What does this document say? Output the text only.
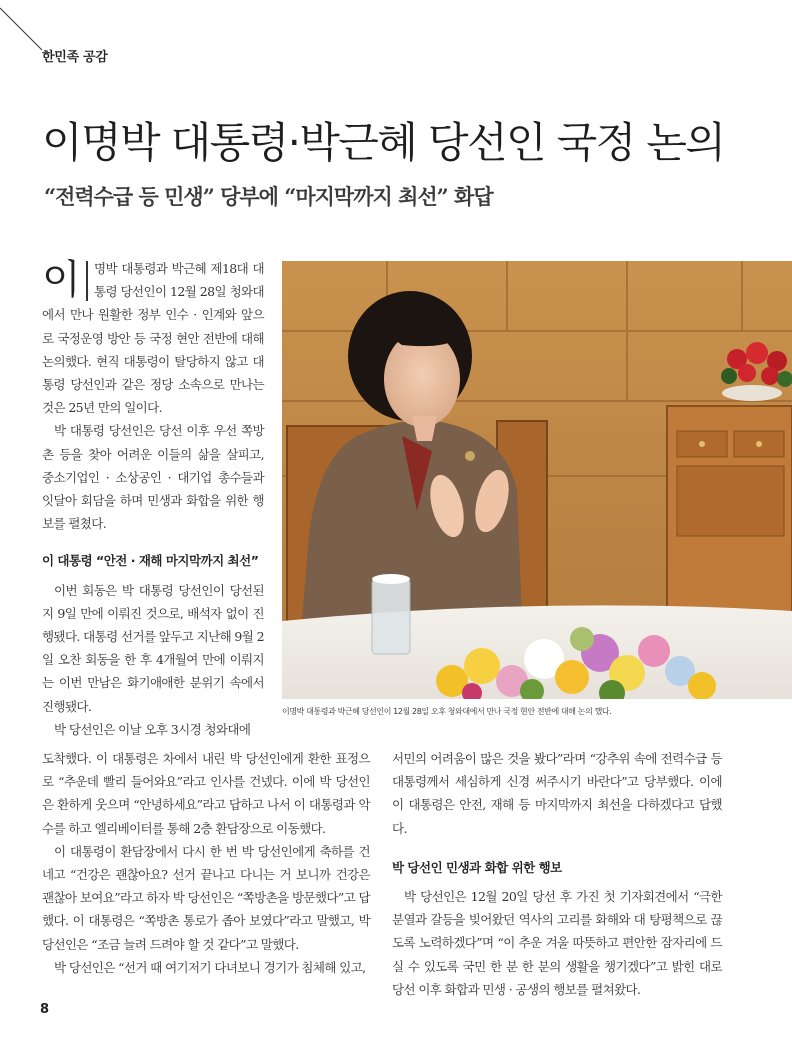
한민족 공감
이명박 대통령·박근혜 당선인 국정 논의
“전력수급 등 민생” 당부에 “마지막까지 최선” 화답

이 명박 대통령과 박근혜 제18대 대통령 당선인이 12월 28일 청와대에서 만나 원활한 정부 인수 · 인계와 앞으로 국정운영 방안 등 국정 현안 전반에 대해 논의했다. 현직 대통령이 탈당하지 않고 대통령 당선인과 같은 정당 소속으로 만나는 것은 25년 만의 일이다.

박 대통령 당선인은 당선 이후 우선 쪽방촌 등을 찾아 어려운 이들의 삶을 살피고, 중소기업인 · 소상공인 · 대기업 총수들과 잇달아 회담을 하며 민생과 화합을 위한 행보를 펼쳤다.

이 대통령 “안전 · 재해 마지막까지 최선”

이번 회동은 박 대통령 당선인이 당선된 지 9일 만에 이뤄진 것으로, 배석자 없이 진행됐다. 대통령 선거를 앞두고 지난해 9월 2일 오찬 회동을 한 후 4개월여 만에 이뤄지는 이번 만남은 화기애애한 분위기 속에서 진행됐다.

박 당선인은 이날 오후 3시경 청와대에

이명박 대통령과 박근혜 당선인이 12월 28일 오후 청와대에서 만나 국정 현안 전반에 대해 논의 했다.

도착했다. 이 대통령은 차에서 내린 박 당선인에게 환한 표정으로 “추운데 빨리 들어와요”라고 인사를 건넸다. 이에 박 당선인은 환하게 웃으며 “안녕하세요”라고 답하고 나서 이 대통령과 악수를 하고 엘리베이터를 통해 2층 환담장으로 이동했다.

이 대통령이 환담장에서 다시 한 번 박 당선인에게 축하를 건네고 “건강은 괜찮아요? 선거 끝나고 다니는 거 보니까 건강은 괜찮아 보여요”라고 하자 박 당선인은 “쪽방촌을 방문했다”고 답했다. 이 대통령은 “쪽방촌 통로가 좁아 보였다”라고 말했고, 박 당선인은 “조금 늘려 드려야 할 것 같다”고 말했다.

박 당선인은 “선거 때 여기저기 다녀보니 경기가 침체해 있고,

서민의 어려움이 많은 것을 봤다”라며 “강추위 속에 전력수급 등 대통령께서 세심하게 신경 써주시기 바란다”고 당부했다. 이에 이 대통령은 안전, 재해 등 마지막까지 최선을 다하겠다고 답했다.

박 당선인 민생과 화합 위한 행보

박 당선인은 12월 20일 당선 후 가진 첫 기자회견에서 “극한 분열과 갈등을 빚어왔던 역사의 고리를 화해와 대 탕평책으로 끊도록 노력하겠다”며 “이 추운 겨울 따뜻하고 편안한 잠자리에 드실 수 있도록 국민 한 분 한 분의 생활을 챙기겠다”고 밝힌 대로 당선 이후 화합과 민생 · 공생의 행보를 펼쳐왔다.

8
